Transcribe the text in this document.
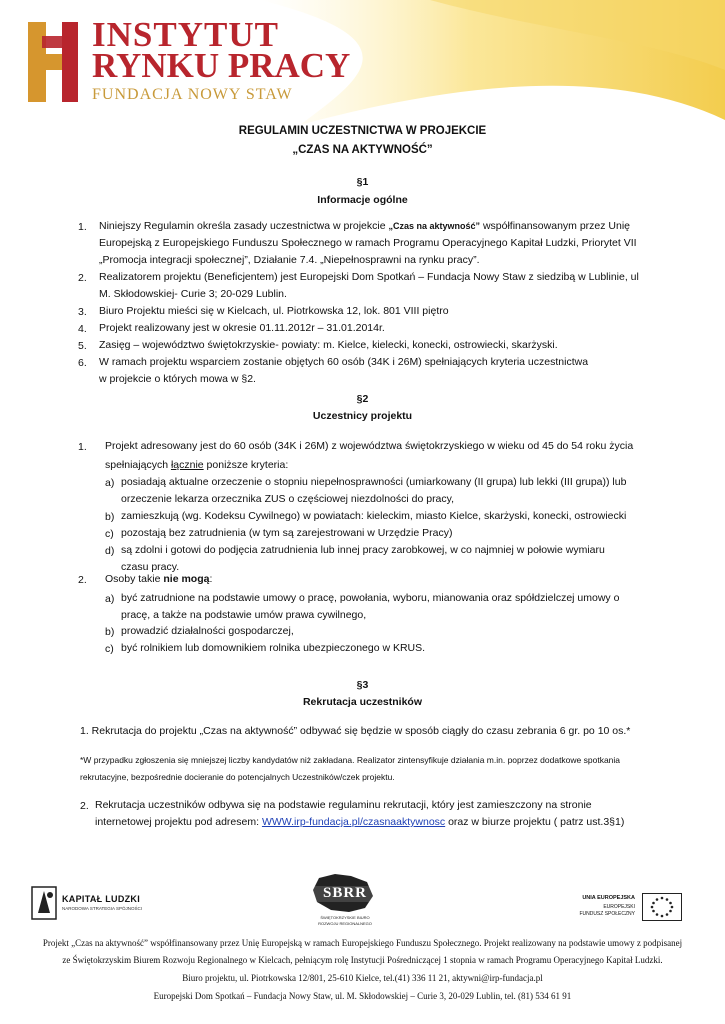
INSTYTUT
RYNKU PRACY
FUNDACJA NOWY STAW
REGULAMIN UCZESTNICTWA W PROJEKCIE
„CZAS NA AKTYWNOŚĆ”
§1
Informacje ogólne
1. Niniejszy Regulamin określa zasady uczestnictwa w projekcie „Czas na aktywność” współfinansowanym przez Unię
Europejską z Europejskiego Funduszu Społecznego w ramach Programu Operacyjnego Kapitał Ludzki, Priorytet VII
„Promocja integracji społecznej”, Działanie 7.4. „Niepełnosprawni na rynku pracy”.
2. Realizatorem projektu (Beneficjentem) jest Europejski Dom Spotkań – Fundacja Nowy Staw z siedzibą w Lublinie, ul
M. Skłodowskiej- Curie 3; 20-029 Lublin.
3. Biuro Projektu mieści się w Kielcach, ul. Piotrkowska 12, lok. 801 VIII piętro
4. Projekt realizowany jest w okresie 01.11.2012r – 31.01.2014r.
5. Zasięg – województwo świętokrzyskie- powiaty: m. Kielce, kielecki, konecki, ostrowiecki, skarżyski.
6. W ramach projektu wsparciem zostanie objętych 60 osób (34K i 26M) spełniających kryteria uczestnictwa
w projekcie o których mowa w §2.
§2
Uczestnicy projektu
1. Projekt adresowany jest do 60 osób (34K i 26M) z województwa świętokrzyskiego w wieku od 45 do 54 roku życia
spełniających łącznie poniższe kryteria:
a) posiadają aktualne orzeczenie o stopniu niepełnosprawności (umiarkowany (II grupa) lub lekki (III grupa)) lub
orzeczenie lekarza orzecznika ZUS o częściowej niezdolności do pracy,
b) zamieszkują (wg. Kodeksu Cywilnego) w powiatach: kieleckim, miasto Kielce, skarżyski, konecki, ostrowiecki
c) pozostają bez zatrudnienia (w tym są zarejestrowani w Urzędzie Pracy)
d) są zdolni i gotowi do podjęcia zatrudnienia lub innej pracy zarobkowej, w co najmniej w połowie wymiaru
czasu pracy.
2. Osoby takie nie mogą:
a) być zatrudnione na podstawie umowy o pracę, powołania, wyboru, mianowania oraz spółdzielczej umowy o
pracę, a także na podstawie umów prawa cywilnego,
b) prowadzić działalności gospodarczej,
c) być rolnikiem lub domownikiem rolnika ubezpieczonego w KRUS.
§3
Rekrutacja uczestników
1. Rekrutacja do projektu „Czas na aktywność” odbywać się będzie w sposób ciągły do czasu zebrania 6 gr. po 10 os.*
*W przypadku zgłoszenia się mniejszej liczby kandydatów niż zakładana. Realizator zintensyfikuje działania m.in. poprzez dodatkowe spotkania
rekrutacyjne, bezpośrednie docieranie do potencjalnych Uczestników/czek projektu.
2. Rekrutacja uczestników odbywa się na podstawie regulaminu rekrutacji, który jest zamieszczony na stronie
internetowej projektu pod adresem: WWW.irp-fundacja.pl/czasnaaktywnosc oraz w biurze projektu ( patrz ust.3§1)
KAPITAŁ LUDZKI
NARODOWA STRATEGIA SPÓJNOŚCI
SBRR
ŚWIĘTOKRZYSKIE BIURO
ROZWOJU REGIONALNEGO
UNIA EUROPEJSKA
EUROPEJSKI
FUNDUSZ SPOŁECZNY
Projekt „Czas na aktywność” współfinansowany przez Unię Europejską w ramach Europejskiego Funduszu Społecznego. Projekt realizowany na podstawie umowy z podpisanej
ze Świętokrzyskim Biurem Rozwoju Regionalnego w Kielcach, pełniącym rolę Instytucji Pośredniczącej 1 stopnia w ramach Programu Operacyjnego Kapitał Ludzki.
Biuro projektu, ul. Piotrkowska 12/801, 25-610 Kielce, tel.(41) 336 11 21, aktywni@irp-fundacja.pl
Europejski Dom Spotkań – Fundacja Nowy Staw, ul. M. Skłodowskiej – Curie 3, 20-029 Lublin, tel. (81) 534 61 91
